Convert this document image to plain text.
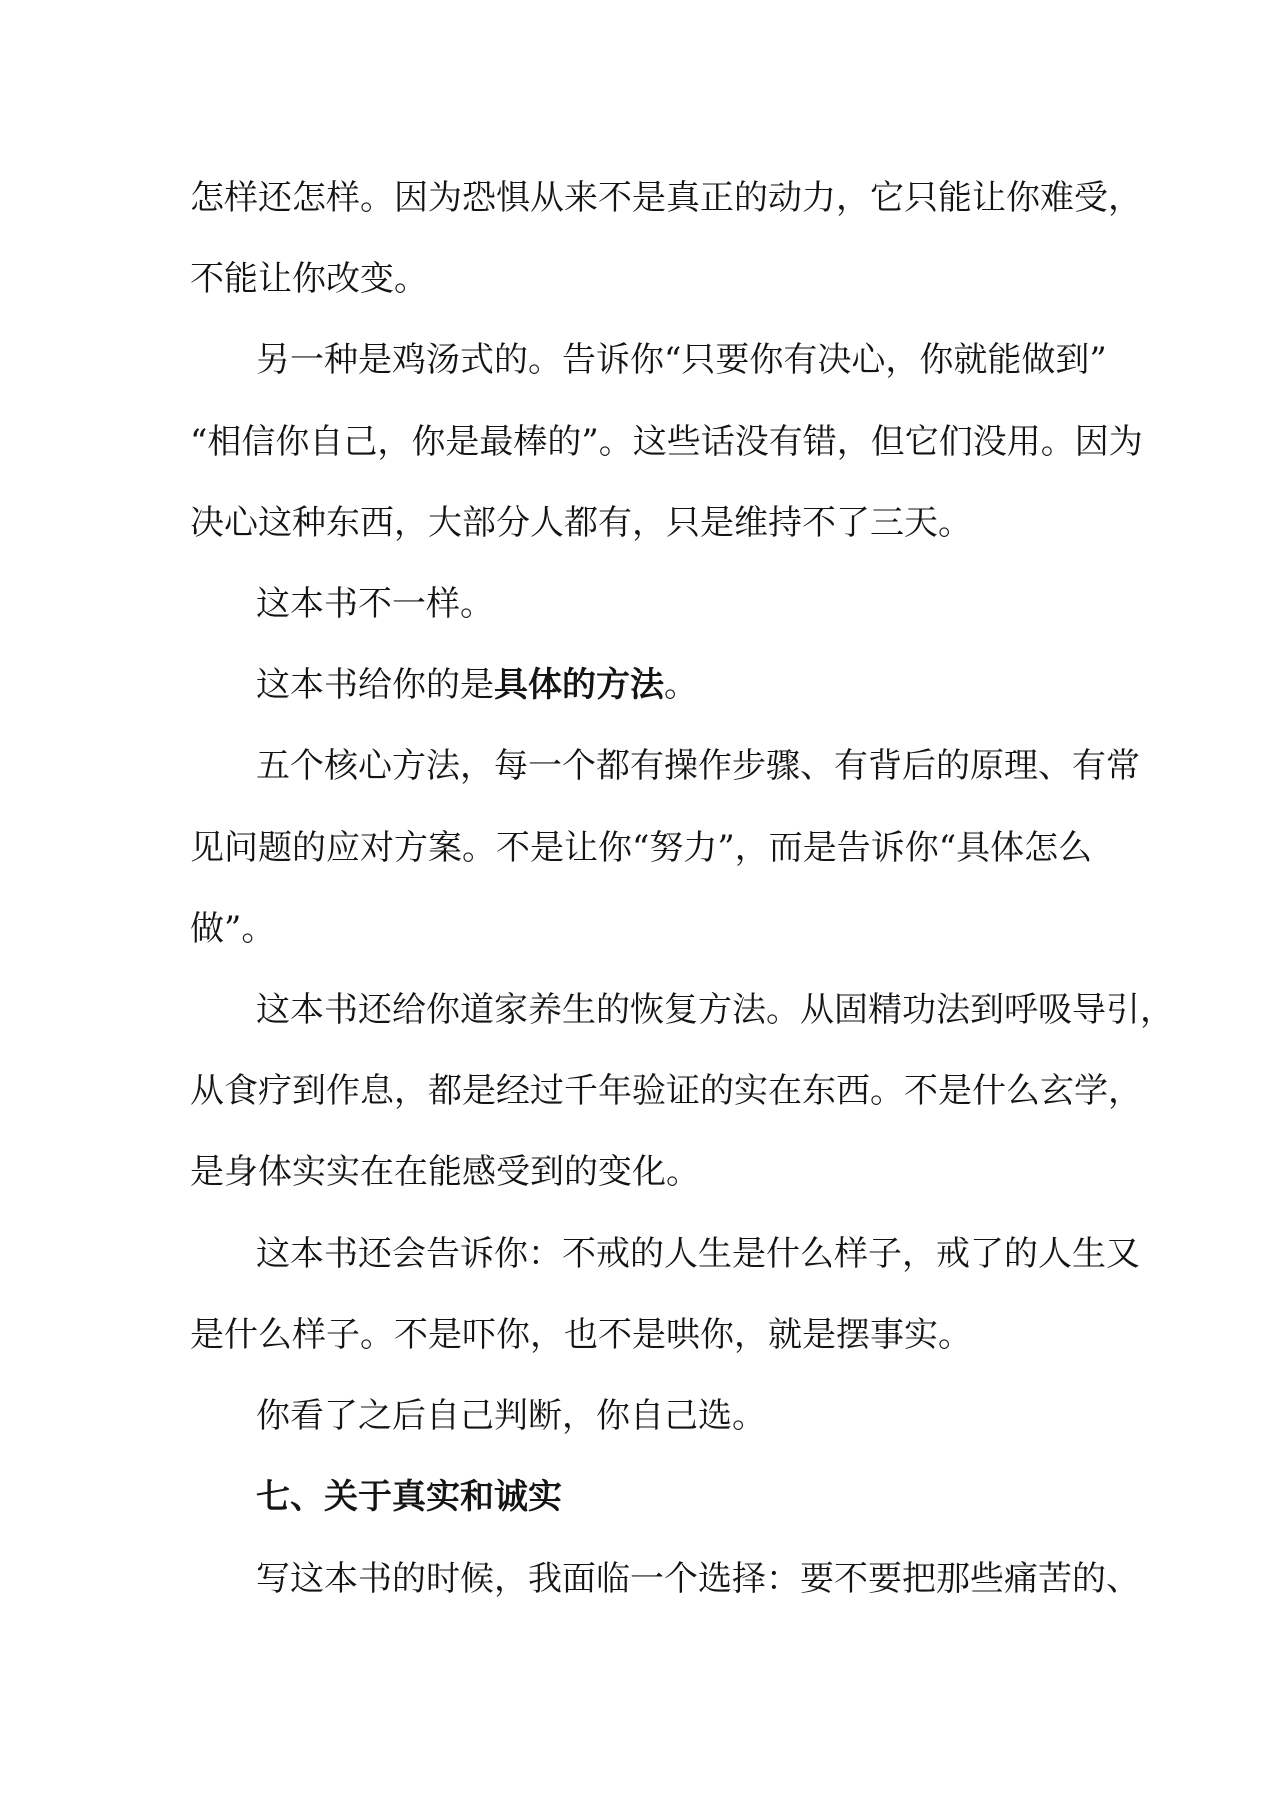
怎样还怎样。因为恐惧从来不是真正的动力，它只能让你难受，

不能让你改变。

另一种是鸡汤式的。告诉你“只要你有决心，你就能做到”

“相信你自己，你是最棒的”。这些话没有错，但它们没用。因为

决心这种东西，大部分人都有，只是维持不了三天。

这本书不一样。

这本书给你的是具体的方法。

五个核心方法，每一个都有操作步骤、有背后的原理、有常

见问题的应对方案。不是让你“努力”，而是告诉你“具体怎么

做”。

这本书还给你道家养生的恢复方法。从固精功法到呼吸导引，

从食疗到作息，都是经过千年验证的实在东西。不是什么玄学，

是身体实实在在能感受到的变化。

这本书还会告诉你：不戒的人生是什么样子，戒了的人生又

是什么样子。不是吓你，也不是哄你，就是摆事实。

你看了之后自己判断，你自己选。

七、关于真实和诚实

写这本书的时候，我面临一个选择：要不要把那些痛苦的、
